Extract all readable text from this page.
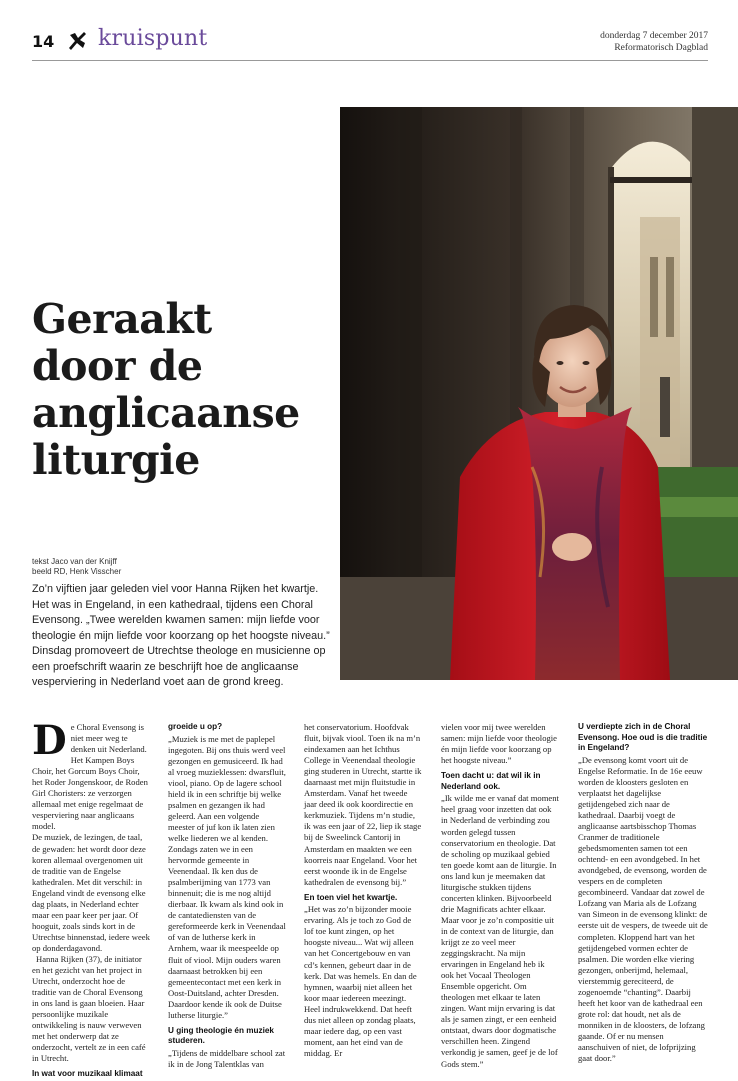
14 kruispunt	donderdag 7 december 2017
Reformatorisch Dagblad
Geraakt
door de
anglicaanse
liturgie
tekst Jaco van der Knijff
beeld RD, Henk Visscher

Zo’n vijftien jaar geleden viel voor Hanna Rijken het kwartje. Het was in Engeland, in een kathedraal, tijdens een Choral Evensong. „Twee werelden kwamen samen: mijn liefde voor theologie én mijn liefde voor koorzang op het hoogste niveau.” Dinsdag promoveert de Utrechtse theologe en musicienne op een proefschrift waarin ze beschrijft hoe de anglicaanse vesperviering in Nederland voet aan de grond kreeg.

De Choral Evensong is niet meer weg te denken uit Nederland. Het Kampen Boys Choir, het Gorcum Boys Choir, het Roder Jongenskoor, de Roden Girl Choristers: ze verzorgen allemaal met enige regelmaat de vesperviering naar anglicaans model.

De muziek, de lezingen, de taal, de gewaden: het wordt door deze koren allemaal overgenomen uit de traditie van de Engelse kathedralen. Met dit verschil: in Engeland vindt de evensong elke dag plaats, in Nederland echter maar een paar keer per jaar. Of hooguit, zoals sinds kort in de Utrechtse binnenstad, iedere week op donderdagavond.

Hanna Rijken (37), de initiator en het gezicht van het project in Utrecht, onderzocht hoe de traditie van de Choral Evensong in ons land is gaan bloeien. Haar persoonlijke muzikale ontwikkeling is nauw verweven met het onderwerp dat ze onderzocht, vertelt ze in een café in Utrecht.

In wat voor muzikaal klimaat

groeide u op?

„Muziek is me met de paplepel ingegoten. Bij ons thuis werd veel gezongen en gemusiceerd. Ik had al vroeg muzieklessen: dwarsfluit, viool, piano. Op de lagere school hield ik in een schriftje bij welke psalmen en gezangen ik had geleerd. Aan een volgende meester of juf kon ik laten zien welke liederen we al kenden. Zondags zaten we in een hervormde gemeente in Veenendaal. Ik ken dus de psalmberijming van 1773 van binnenuit; die is me nog altijd dierbaar. Ik kwam als kind ook in de cantatediensten van de gereformeerde kerk in Veenendaal of van de lutherse kerk in Arnhem, waar ik meespeelde op fluit of viool. Mijn ouders waren daarnaast betrokken bij een gemeentecontact met een kerk in Oost-Duitsland, achter Dresden. Daardoor kende ik ook de Duitse lutherse liturgie.”

U ging theologie én muziek studeren.

„Tijdens de middelbare school zat ik in de Jong Talentklas van

het conservatorium. Hoofdvak fluit, bijvak viool. Toen ik na m’n eindexamen aan het Ichthus College in Veenendaal theologie ging studeren in Utrecht, startte ik daarnaast met mijn fluitstudie in Amsterdam. Vanaf het tweede jaar deed ik ook koordirectie en kerkmuziek. Tijdens m’n studie, ik was een jaar of 22, liep ik stage bij de Sweelinck Cantorij in Amsterdam en maakten we een koorreis naar Engeland. Voor het eerst woonde ik in de Engelse kathedralen de evensong bij.”

En toen viel het kwartje.

„Het was zo’n bijzonder mooie ervaring. Als je toch zo God de lof toe kunt zingen, op het hoogste niveau... Wat wij alleen van het Concertgebouw en van cd’s kennen, gebeurt daar in de kerk. Dat was hemels. En dan de hymnen, waarbij niet alleen het koor maar iedereen meezingt. Heel indrukwekkend. Dat heeft dus niet alleen op zondag plaats, maar iedere dag, op een vast moment, aan het eind van de middag. Er

vielen voor mij twee werelden samen: mijn liefde voor theologie én mijn liefde voor koorzang op het hoogste niveau.”

Toen dacht u: dat wil ik in Nederland ook.

„Ik wilde me er vanaf dat moment heel graag voor inzetten dat ook in Nederland de verbinding zou worden gelegd tussen conservatorium en theologie. Dat de scholing op muzikaal gebied ten goede komt aan de liturgie. In ons land kun je meemaken dat liturgische stukken tijdens concerten klinken. Bijvoorbeeld drie Magnificats achter elkaar. Maar voor je zo’n compositie uit in de context van de liturgie, dan krijgt ze zo veel meer zeggingskracht. Na mijn ervaringen in Engeland heb ik ook het Vocaal Theologen Ensemble opgericht. Om theologen met elkaar te laten zingen. Want mijn ervaring is dat als je samen zingt, er een eenheid ontstaat, dwars door dogmatische verschillen heen. Zingend verkondig je samen, geef je de lof Gods stem.”

U verdiepte zich in de Choral Evensong. Hoe oud is die traditie in Engeland?

„De evensong komt voort uit de Engelse Reformatie. In de 16e eeuw worden de kloosters gesloten en verplaatst het dagelijkse getijdengebed zich naar de kathedraal. Daarbij voegt de anglicaanse aartsbisschop Thomas Cranmer de traditionele gebedsmomenten samen tot een ochtend- en een avondgebed. In het avondgebed, de evensong, worden de vespers en de completen gecombineerd. Vandaar dat zowel de Lofzang van Maria als de Lofzang van Simeon in de evensong klinkt: de eerste uit de vespers, de tweede uit de completen. Kloppend hart van het getijdengebed vormen echter de psalmen. Die worden elke viering gezongen, onberijmd, helemaal, vierstemmig gereciteerd, de zogenoemde “chanting”. Daarbij heeft het koor van de kathedraal een grote rol: dat houdt, net als de monniken in de kloosters, de lofzang gaande. Of er nu mensen aanschuiven of niet, de lofprijzing gaat door.”
